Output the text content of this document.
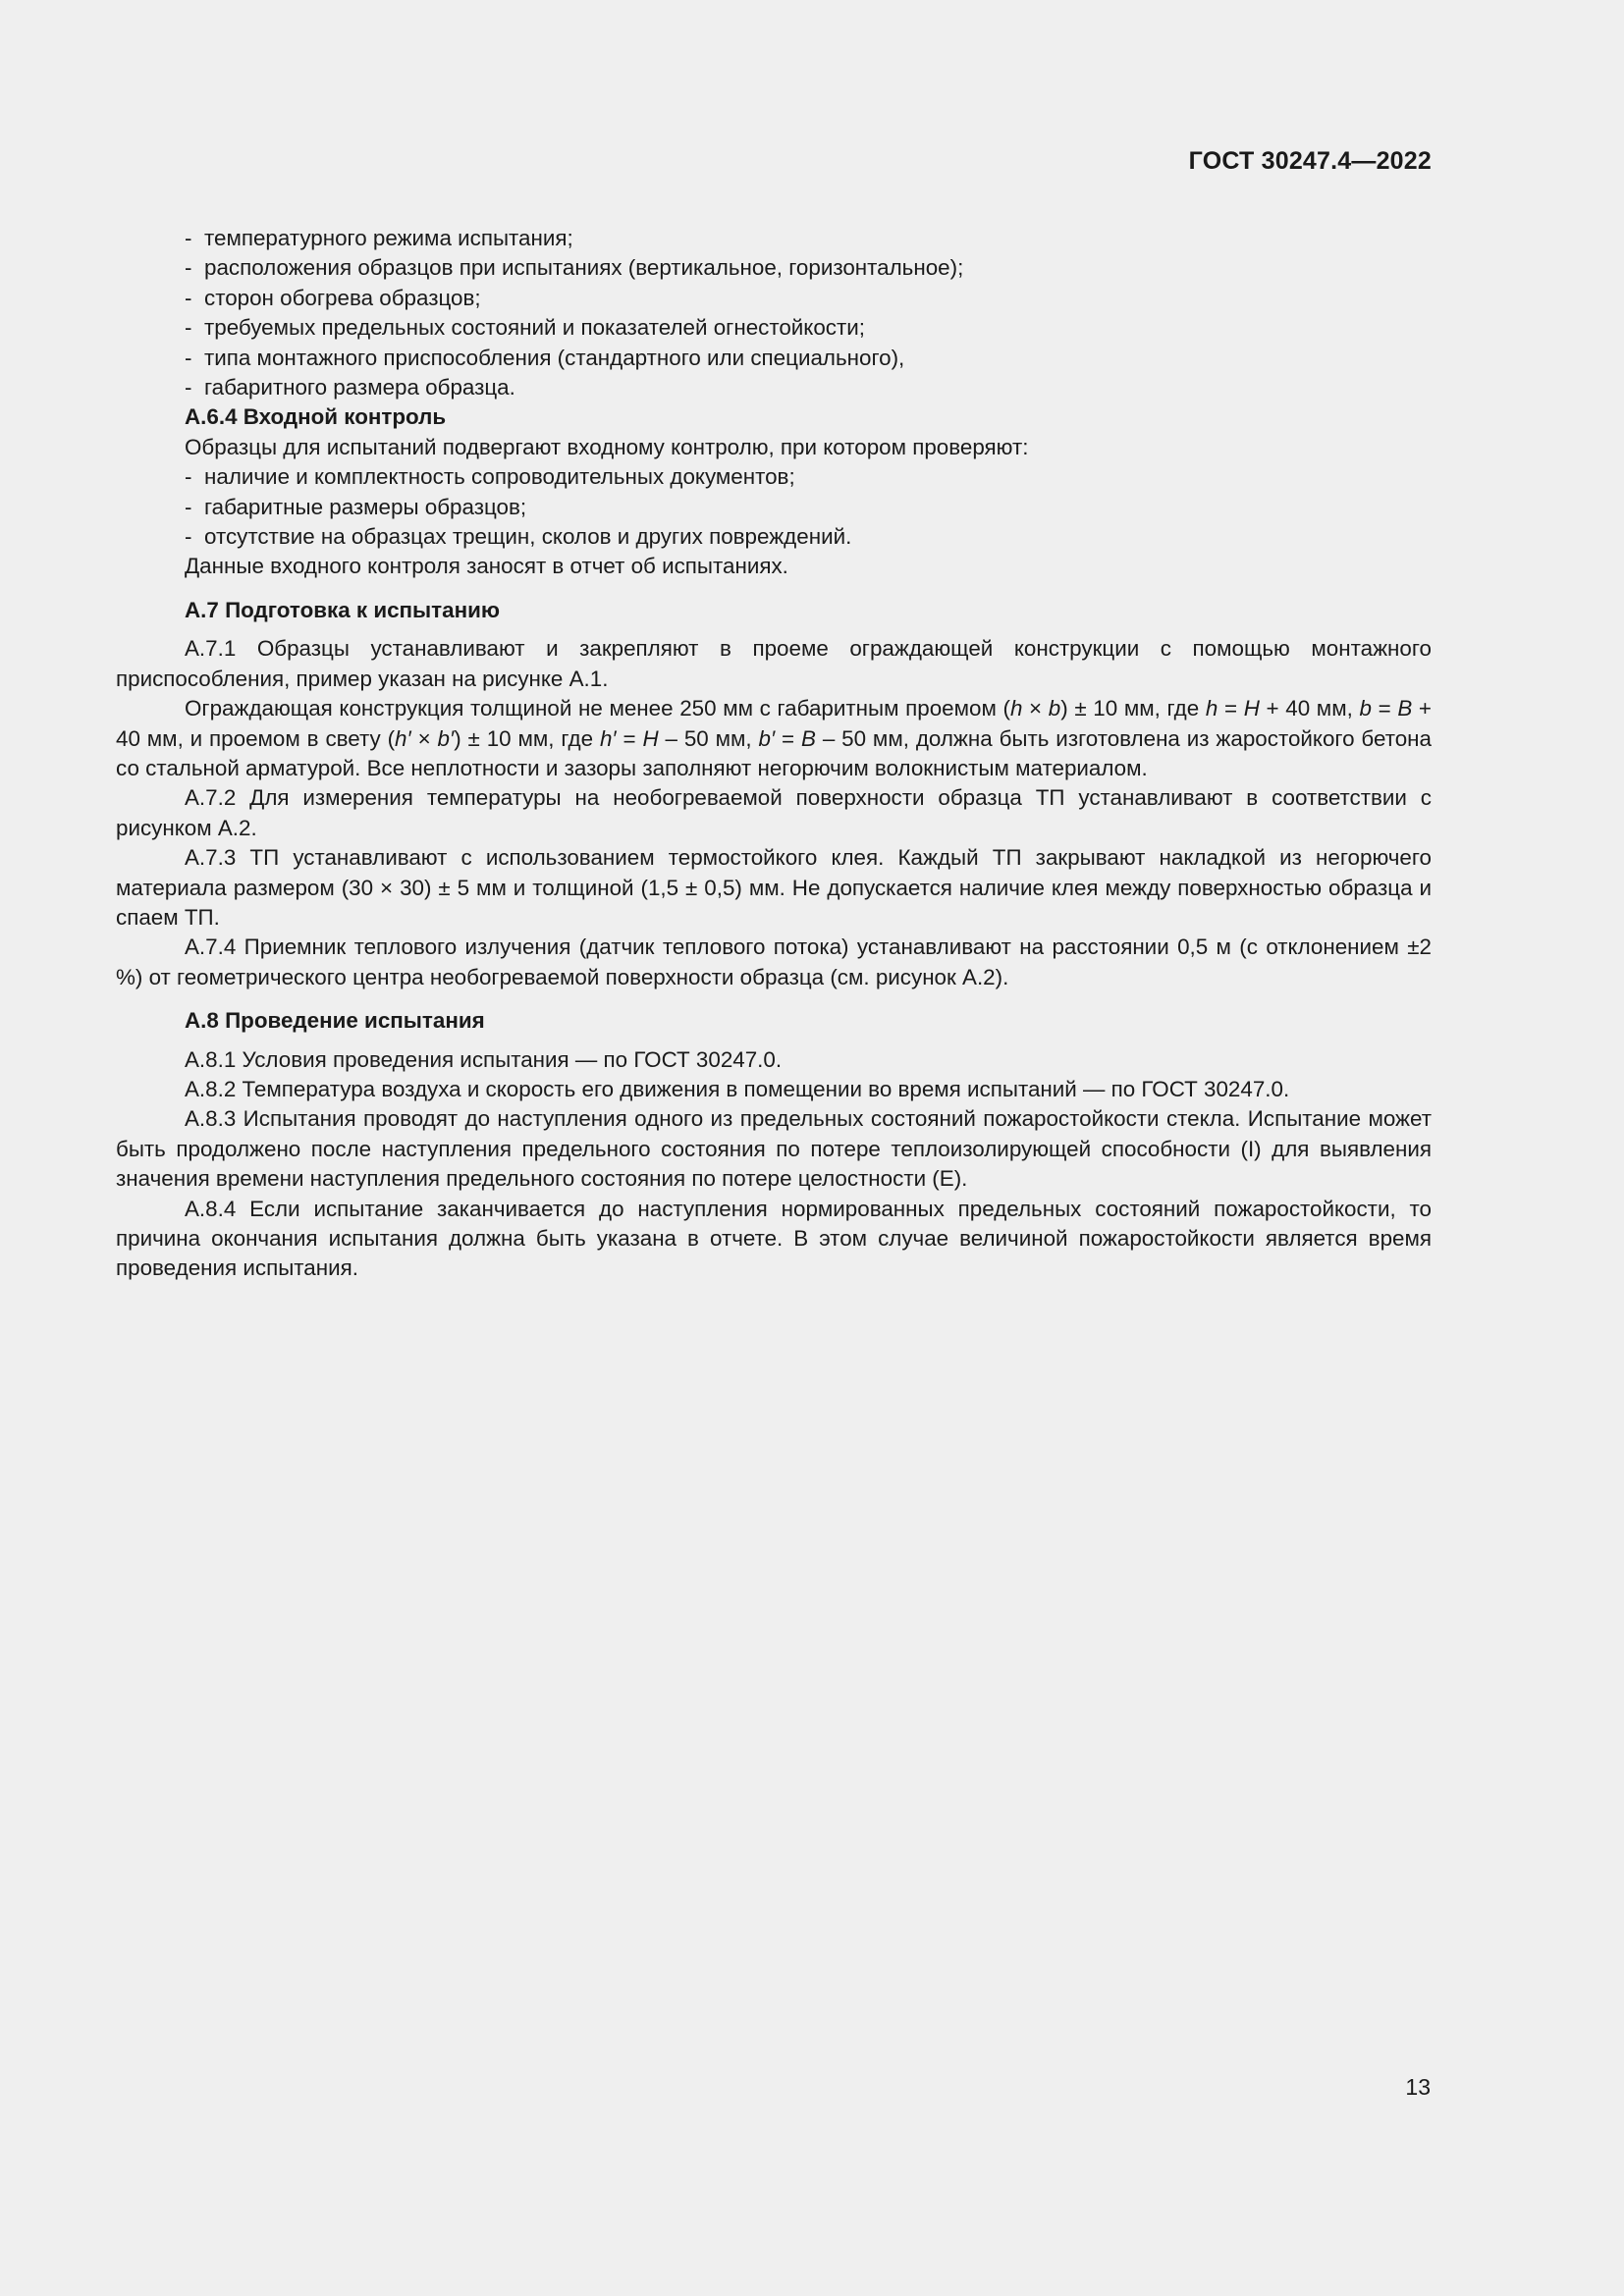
ГОСТ 30247.4—2022
- температурного режима испытания;
- расположения образцов при испытаниях (вертикальное, горизонтальное);
- сторон обогрева образцов;
- требуемых предельных состояний и показателей огнестойкости;
- типа монтажного приспособления (стандартного или специального),
- габаритного размера образца.
А.6.4 Входной контроль
Образцы для испытаний подвергают входному контролю, при котором проверяют:
- наличие и комплектность сопроводительных документов;
- габаритные размеры образцов;
- отсутствие на образцах трещин, сколов и других повреждений.
Данные входного контроля заносят в отчет об испытаниях.
А.7 Подготовка к испытанию
А.7.1 Образцы устанавливают и закрепляют в проеме ограждающей конструкции с помощью монтажного приспособления, пример указан на рисунке А.1.
Ограждающая конструкция толщиной не менее 250 мм с габаритным проемом (h × b) ± 10 мм, где h = H + 40 мм, b = B + 40 мм, и проемом в свету (h′ × b′) ± 10 мм, где h′ = H – 50 мм, b′ = B – 50 мм, должна быть изготовлена из жаростойкого бетона со стальной арматурой. Все неплотности и зазоры заполняют негорючим волокнистым материалом.
А.7.2 Для измерения температуры на необогреваемой поверхности образца ТП устанавливают в соответствии с рисунком А.2.
А.7.3 ТП устанавливают с использованием термостойкого клея. Каждый ТП закрывают накладкой из негорючего материала размером (30 × 30) ± 5 мм и толщиной (1,5 ± 0,5) мм. Не допускается наличие клея между поверхностью образца и спаем ТП.
А.7.4 Приемник теплового излучения (датчик теплового потока) устанавливают на расстоянии 0,5 м (с отклонением ±2 %) от геометрического центра необогреваемой поверхности образца (см. рисунок А.2).
А.8 Проведение испытания
А.8.1 Условия проведения испытания — по ГОСТ 30247.0.
А.8.2 Температура воздуха и скорость его движения в помещении во время испытаний — по ГОСТ 30247.0.
А.8.3 Испытания проводят до наступления одного из предельных состояний пожаростойкости стекла. Испытание может быть продолжено после наступления предельного состояния по потере теплоизолирующей способности (I) для выявления значения времени наступления предельного состояния по потере целостности (E).
А.8.4 Если испытание заканчивается до наступления нормированных предельных состояний пожаростойкости, то причина окончания испытания должна быть указана в отчете. В этом случае величиной пожаростойкости является время проведения испытания.
13
